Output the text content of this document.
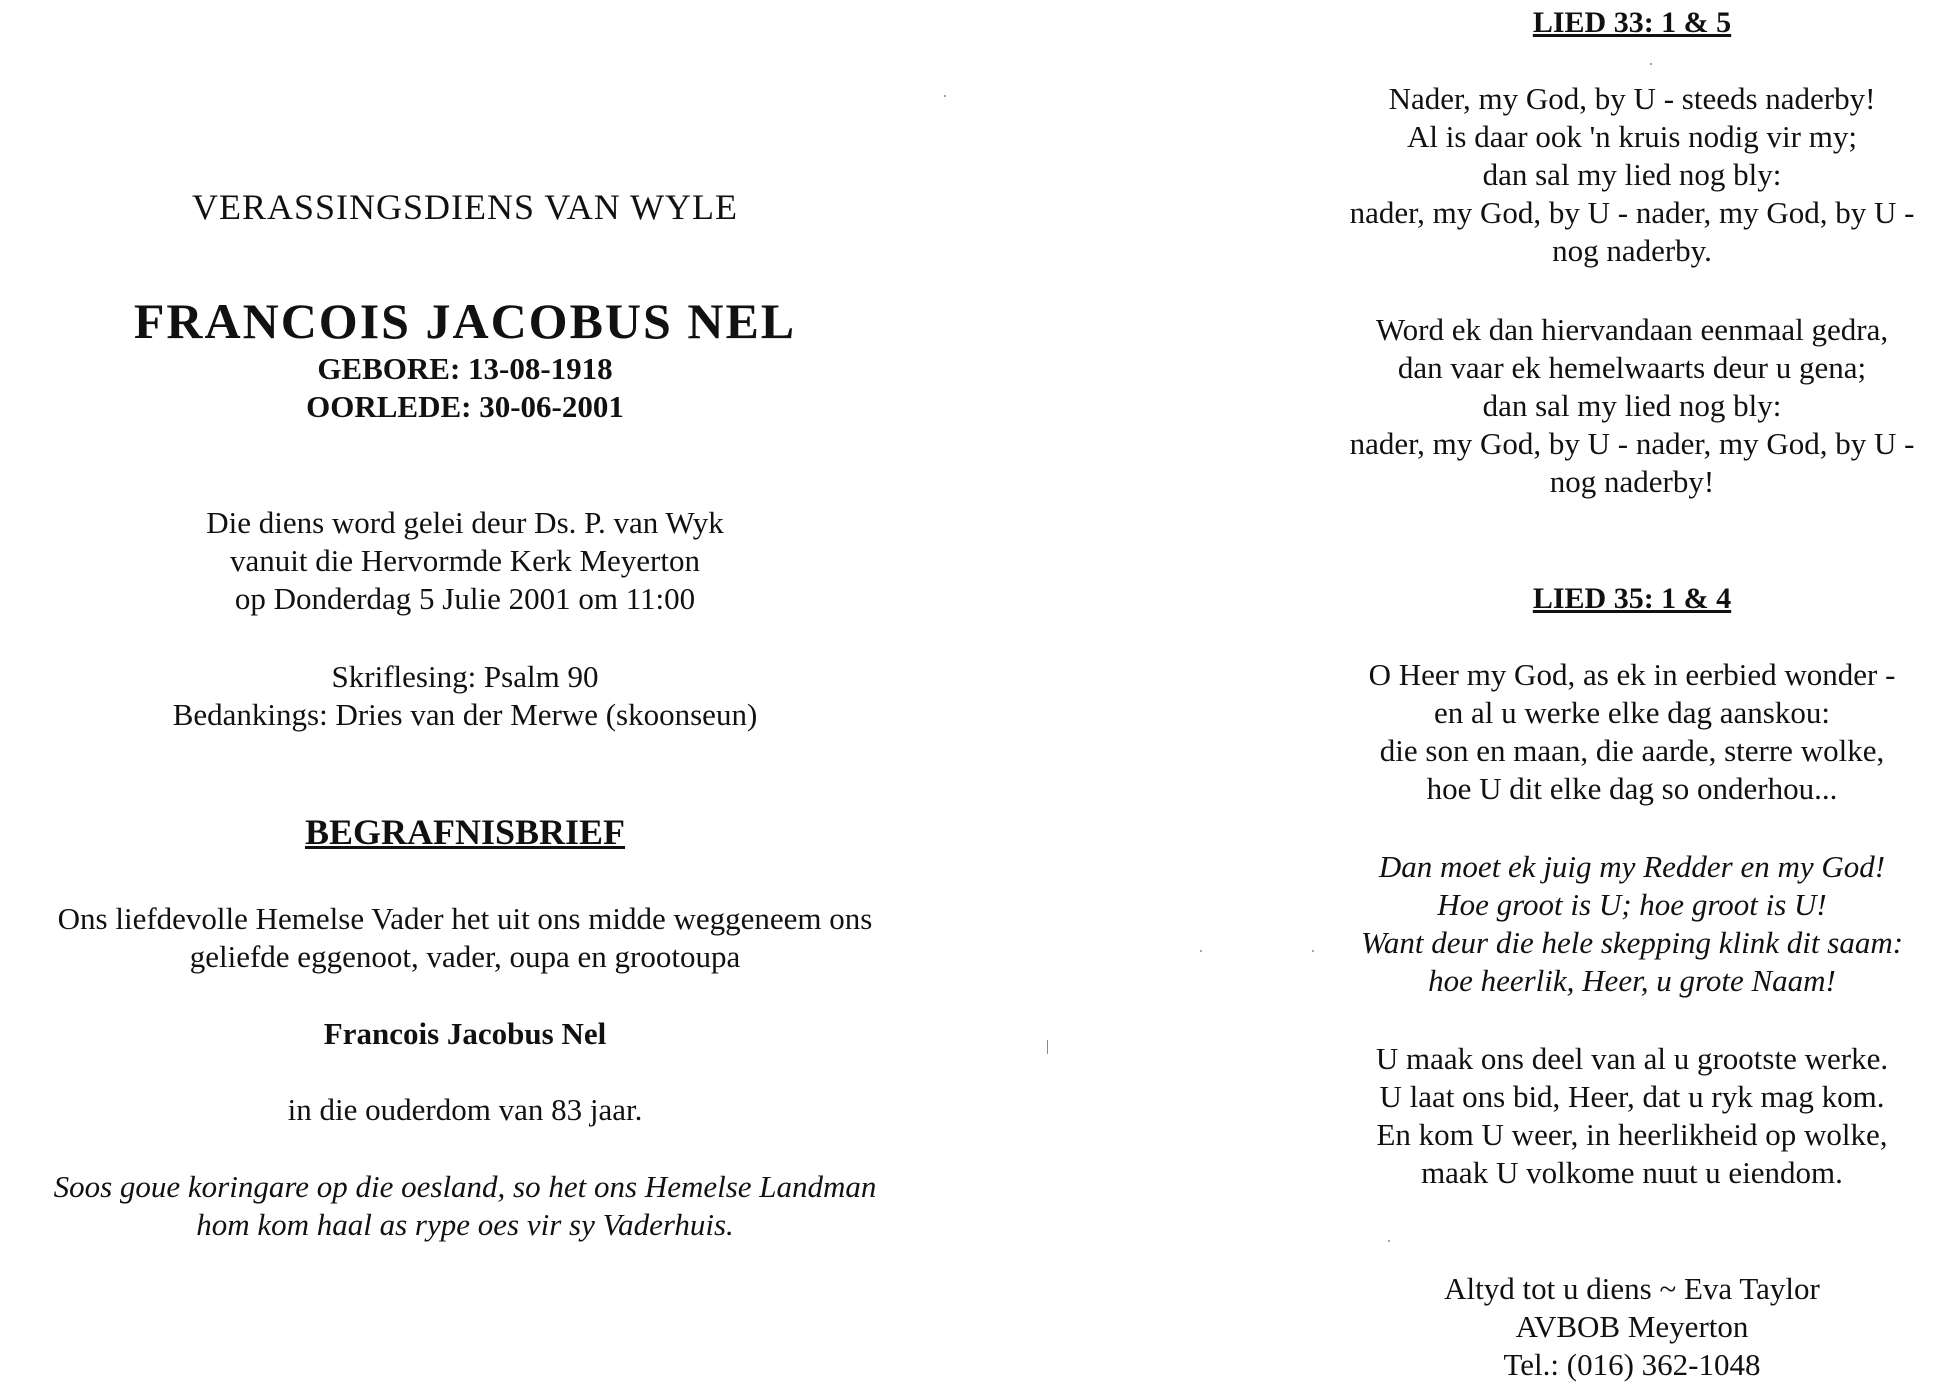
VERASSINGSDIENS VAN WYLE
FRANCOIS JACOBUS NEL
GEBORE: 13-08-1918
OORLEDE: 30-06-2001
Die diens word gelei deur Ds. P. van Wyk
vanuit die Hervormde Kerk Meyerton
op Donderdag 5 Julie 2001 om 11:00
Skriflesing: Psalm 90
Bedankings: Dries van der Merwe (skoonseun)
BEGRAFNISBRIEF
Ons liefdevolle Hemelse Vader het uit ons midde weggeneem ons
geliefde eggenoot, vader, oupa en grootoupa
Francois Jacobus Nel
in die ouderdom van 83 jaar.
Soos goue koringare op die oesland, so het ons Hemelse Landman
hom kom haal as rype oes vir sy Vaderhuis.
LIED 33: 1 & 5
Nader, my God, by U - steeds naderby!
Al is daar ook 'n kruis nodig vir my;
dan sal my lied nog bly:
nader, my God, by U - nader, my God, by U -
nog naderby.
Word ek dan hiervandaan eenmaal gedra,
dan vaar ek hemelwaarts deur u gena;
dan sal my lied nog bly:
nader, my God, by U - nader, my God, by U -
nog naderby!
LIED 35: 1 & 4
O Heer my God, as ek in eerbied wonder -
en al u werke elke dag aanskou:
die son en maan, die aarde, sterre wolke,
hoe U dit elke dag so onderhou...
Dan moet ek juig my Redder en my God!
Hoe groot is U; hoe groot is U!
Want deur die hele skepping klink dit saam:
hoe heerlik, Heer, u grote Naam!
U maak ons deel van al u grootste werke.
U laat ons bid, Heer, dat u ryk mag kom.
En kom U weer, in heerlikheid op wolke,
maak U volkome nuut u eiendom.
Altyd tot u diens ~ Eva Taylor
AVBOB Meyerton
Tel.: (016) 362-1048
